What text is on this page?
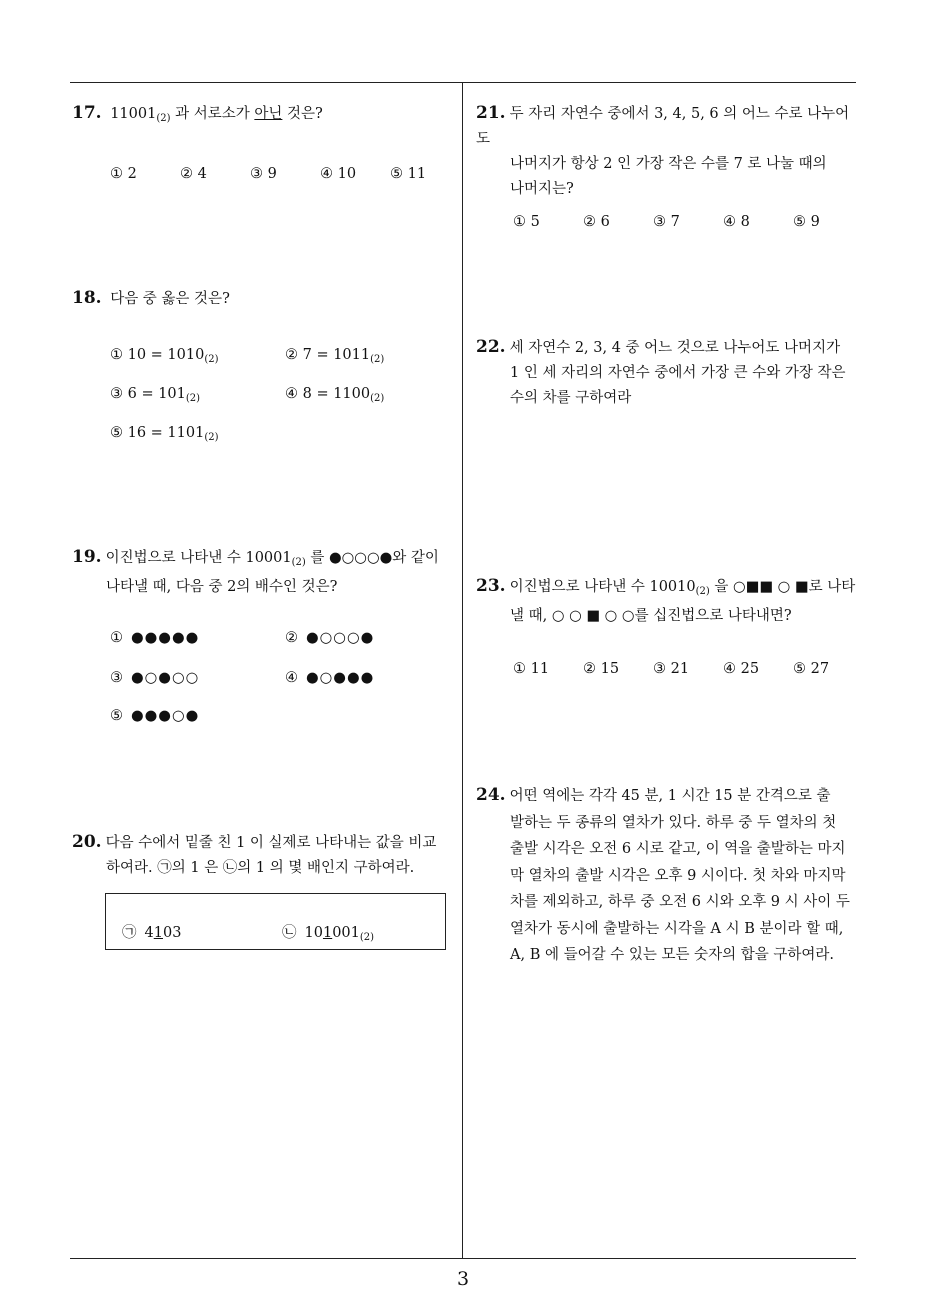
17. $11001_{(2)}$ 과 서로소가 아닌 것은?
① 2	② 4	③ 9	④ 10 ⑤ 11
18. 다음 중 옳은 것은?
① $10 = 1010_{(2)}$	② $7 = 1011_{(2)}$
③ $6 = 101_{(2)}$	④ $8 = 1100_{(2)}$
⑤ $16 = 1101_{(2)}$
19. 이진법으로 나타낸 수 $10001_{(2)}$ 를 ●○○○●와 같이
나타낼 때, 다음 중 2의 배수인 것은?
① ●●●●●	② ●○○○●
③ ●○●○○	④ ●○●●●
⑤ ●●●○●
20. 다음 수에서 밑줄 친 1 이 실제로 나타내는 값을 비교
하여라. ㉠의 1 은 ㉡의 1 의 몇 배인지 구하여라.
㉠ 4103	㉡ $101001_{(2)}$
21. 두 자리 자연수 중에서 3, 4, 5, 6 의 어느 수로 나누어도
나머지가 항상 2 인 가장 작은 수를 7 로 나눌 때의
나머지는?
① 5	② 6	③ 7	④ 8	⑤ 9
22. 세 자연수 2, 3, 4 중 어느 것으로 나누어도 나머지가
1 인 세 자리의 자연수 중에서 가장 큰 수와 가장 작은
수의 차를 구하여라
23. 이진법으로 나타낸 수 $10010_{(2)}$ 을 ○■■ ○ ■로 나타
낼 때, ○ ○ ■ ○ ○를 십진법으로 나타내면?
① 11 ② 15 ③ 21 ④ 25 ⑤ 27
24. 어떤 역에는 각각 45 분, 1 시간 15 분 간격으로 출
발하는 두 종류의 열차가 있다. 하루 중 두 열차의 첫
출발 시각은 오전 6 시로 같고, 이 역을 출발하는 마지
막 열차의 출발 시각은 오후 9 시이다. 첫 차와 마지막
차를 제외하고, 하루 중 오전 6 시와 오후 9 시 사이 두
열차가 동시에 출발하는 시각을 A 시 B 분이라 할 때,
A, B 에 들어갈 수 있는 모든 숫자의 합을 구하여라.
3
